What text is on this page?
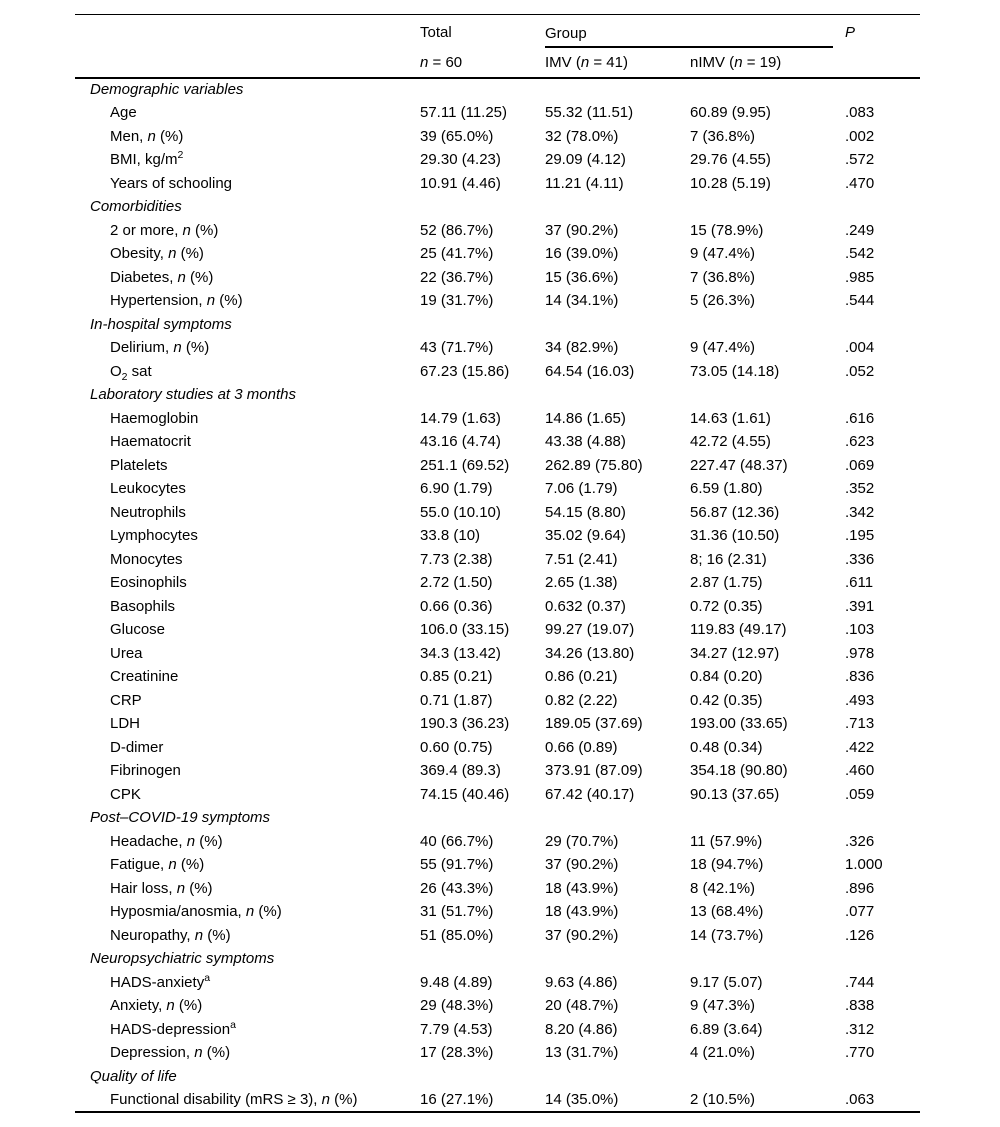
	Total	Group		P
	n = 60	IMV (n = 41)	nIMV (n = 19)	
Demographic variables				
Age	57.11 (11.25)	55.32 (11.51)	60.89 (9.95)	.083
Men, n (%)	39 (65.0%)	32 (78.0%)	7 (36.8%)	.002
BMI, $kg/m^2$	29.30 (4.23)	29.09 (4.12)	29.76 (4.55)	.572
Years of schooling	10.91 (4.46)	11.21 (4.11)	10.28 (5.19)	.470
Comorbidities				
2 or more, n (%)	52 (86.7%)	37 (90.2%)	15 (78.9%)	.249
Obesity, n (%)	25 (41.7%)	16 (39.0%)	9 (47.4%)	.542
Diabetes, n (%)	22 (36.7%)	15 (36.6%)	7 (36.8%)	.985
Hypertension, n (%)	19 (31.7%)	14 (34.1%)	5 (26.3%)	.544
In-hospital symptoms				
Delirium, n (%)	43 (71.7%)	34 (82.9%)	9 (47.4%)	.004
$O_2$ sat	67.23 (15.86)	64.54 (16.03)	73.05 (14.18)	.052
Laboratory studies at 3 months				
Haemoglobin	14.79 (1.63)	14.86 (1.65)	14.63 (1.61)	.616
Haematocrit	43.16 (4.74)	43.38 (4.88)	42.72 (4.55)	.623
Platelets	251.1 (69.52)	262.89 (75.80)	227.47 (48.37)	.069
Leukocytes	6.90 (1.79)	7.06 (1.79)	6.59 (1.80)	.352
Neutrophils	55.0 (10.10)	54.15 (8.80)	56.87 (12.36)	.342
Lymphocytes	33.8 (10)	35.02 (9.64)	31.36 (10.50)	.195
Monocytes	7.73 (2.38)	7.51 (2.41)	8; 16 (2.31)	.336
Eosinophils	2.72 (1.50)	2.65 (1.38)	2.87 (1.75)	.611
Basophils	0.66 (0.36)	0.632 (0.37)	0.72 (0.35)	.391
Glucose	106.0 (33.15)	99.27 (19.07)	119.83 (49.17)	.103
Urea	34.3 (13.42)	34.26 (13.80)	34.27 (12.97)	.978
Creatinine	0.85 (0.21)	0.86 (0.21)	0.84 (0.20)	.836
CRP	0.71 (1.87)	0.82 (2.22)	0.42 (0.35)	.493
LDH	190.3 (36.23)	189.05 (37.69)	193.00 (33.65)	.713
D-dimer	0.60 (0.75)	0.66 (0.89)	0.48 (0.34)	.422
Fibrinogen	369.4 (89.3)	373.91 (87.09)	354.18 (90.80)	.460
CPK	74.15 (40.46)	67.42 (40.17)	90.13 (37.65)	.059
Post–COVID-19 symptoms				
Headache, n (%)	40 (66.7%)	29 (70.7%)	11 (57.9%)	.326
Fatigue, n (%)	55 (91.7%)	37 (90.2%)	18 (94.7%)	1.000
Hair loss, n (%)	26 (43.3%)	18 (43.9%)	8 (42.1%)	.896
Hyposmia/anosmia, n (%)	31 (51.7%)	18 (43.9%)	13 (68.4%)	.077
Neuropathy, n (%)	51 (85.0%)	37 (90.2%)	14 (73.7%)	.126
Neuropsychiatric symptoms				
HADS-anxiety$^a$	9.48 (4.89)	9.63 (4.86)	9.17 (5.07)	.744
Anxiety, n (%)	29 (48.3%)	20 (48.7%)	9 (47.3%)	.838
HADS-depression$^a$	7.79 (4.53)	8.20 (4.86)	6.89 (3.64)	.312
Depression, n (%)	17 (28.3%)	13 (31.7%)	4 (21.0%)	.770
Quality of life				
Functional disability (mRS ≥ 3), n (%)	16 (27.1%)	14 (35.0%)	2 (10.5%)	.063
